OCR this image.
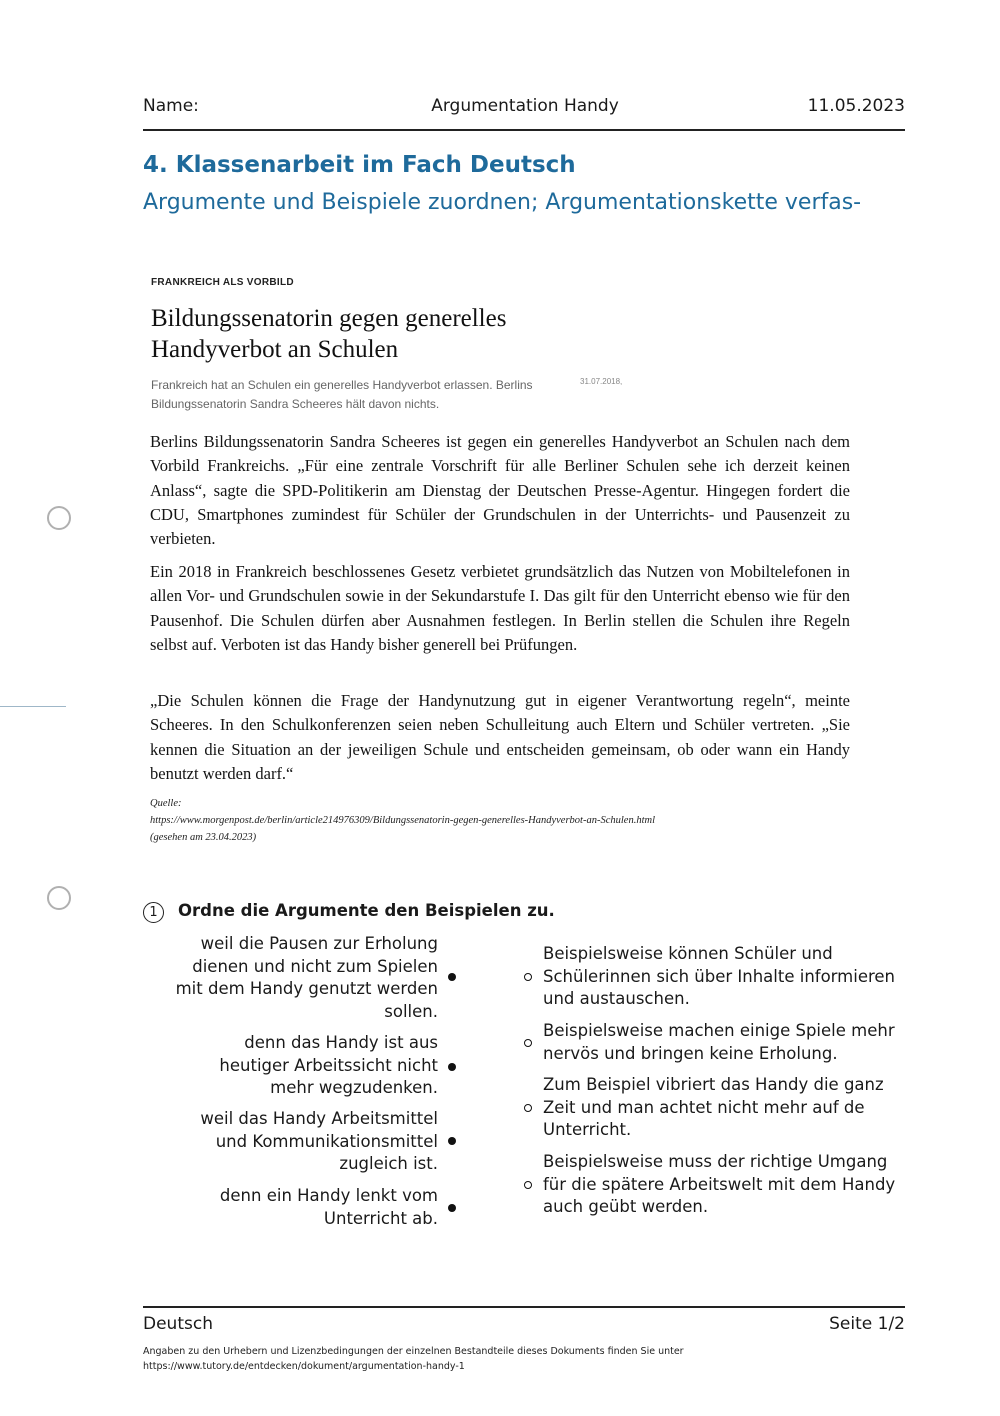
Name:	Argumentation Handy	11.05.2023
4. Klassenarbeit im Fach Deutsch
Argumente und Beispiele zuordnen; Argumentationskette verfas-
FRANKREICH ALS VORBILD
Bildungssenatorin gegen generelles
Handyverbot an Schulen
Frankreich hat an Schulen ein generelles Handyverbot erlassen. Berlins
Bildungssenatorin Sandra Scheeres hält davon nichts.
31.07.2018,
Berlins Bildungssenatorin Sandra Scheeres ist gegen ein generelles Handyverbot an Schulen nach dem Vorbild Frankreichs. „Für eine zentrale Vorschrift für alle Berliner Schulen sehe ich derzeit keinen Anlass“, sagte die SPD-Politikerin am Dienstag der Deutschen Presse-Agentur. Hingegen fordert die CDU, Smartphones zumindest für Schüler der Grundschulen in der Unterrichts- und Pausenzeit zu verbieten.
Ein 2018 in Frankreich beschlossenes Gesetz verbietet grundsätzlich das Nutzen von Mobiltelefonen in allen Vor- und Grundschulen sowie in der Sekundarstufe I. Das gilt für den Unterricht ebenso wie für den Pausenhof. Die Schulen dürfen aber Ausnahmen festlegen. In Berlin stellen die Schulen ihre Regeln selbst auf. Verboten ist das Handy bisher generell bei Prüfungen.
„Die Schulen können die Frage der Handynutzung gut in eigener Verantwortung regeln“, meinte Scheeres. In den Schulkonferenzen seien neben Schulleitung auch Eltern und Schüler vertreten. „Sie kennen die Situation an der jeweiligen Schule und entscheiden gemeinsam, ob oder wann ein Handy benutzt werden darf.“
Quelle:
https://www.morgenpost.de/berlin/article214976309/Bildungssenatorin-gegen-generelles-Handyverbot-an-Schulen.html
(gesehen am 23.04.2023)
1	Ordne die Argumente den Beispielen zu.
weil die Pausen zur Erholung dienen und nicht zum Spielen mit dem Handy genutzt werden sollen.
denn das Handy ist aus heutiger Arbeitssicht nicht mehr wegzudenken.
weil das Handy Arbeitsmittel und Kommunikationsmittel zugleich ist.
denn ein Handy lenkt vom Unterricht ab.
Beispielsweise können Schüler und Schülerinnen sich über Inhalte informieren und austauschen.
Beispielsweise machen einige Spiele mehr nervös und bringen keine Erholung.
Zum Beispiel vibriert das Handy die ganz Zeit und man achtet nicht mehr auf de Unterricht.
Beispielsweise muss der richtige Umgang für die spätere Arbeitswelt mit dem Handy auch geübt werden.
Deutsch	Seite 1/2
Angaben zu den Urhebern und Lizenzbedingungen der einzelnen Bestandteile dieses Dokuments finden Sie unter
https://www.tutory.de/entdecken/dokument/argumentation-handy-1
